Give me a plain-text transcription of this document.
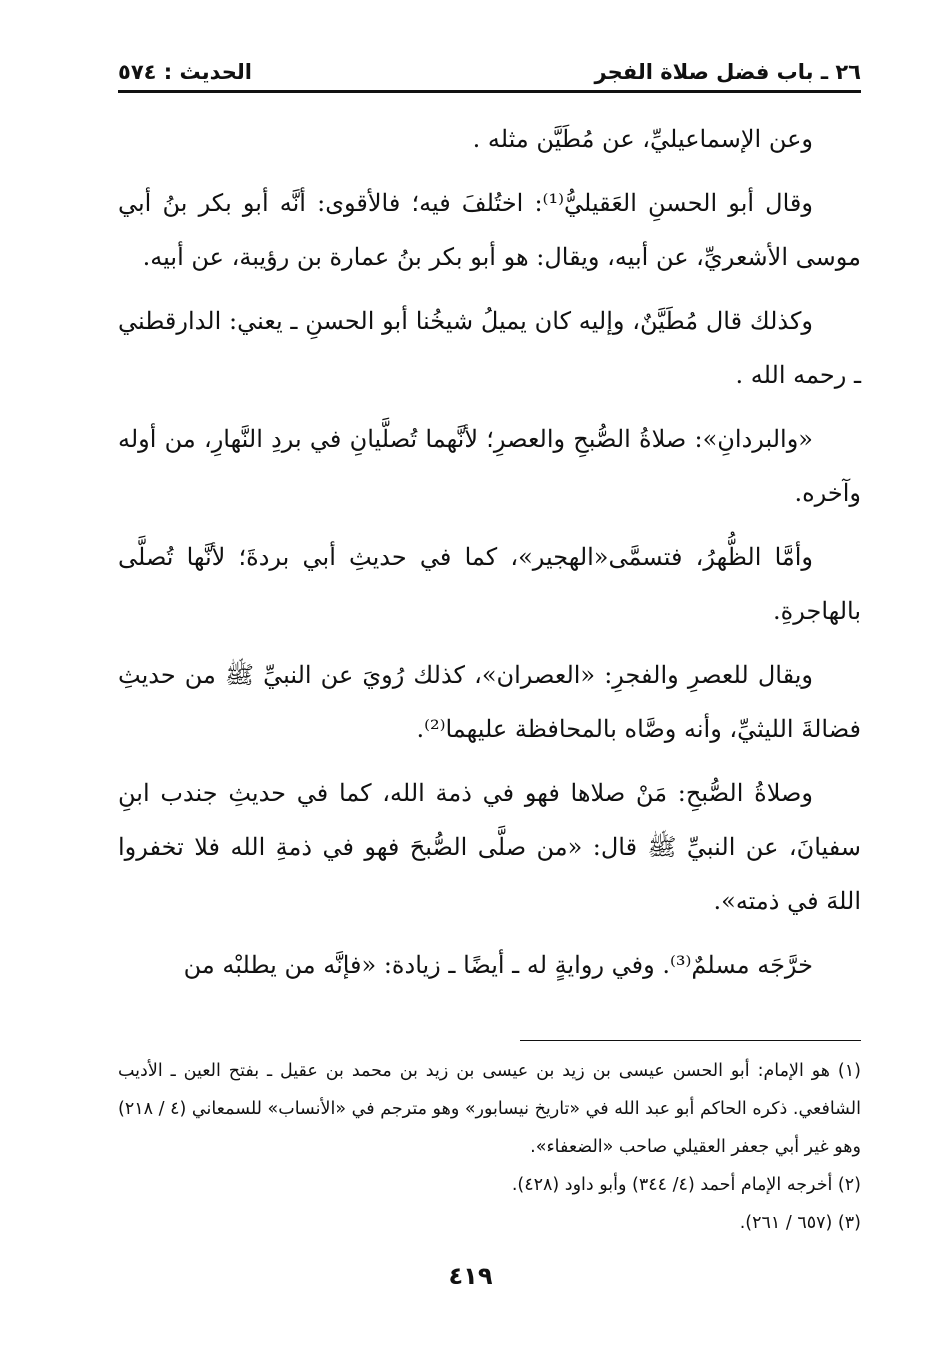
٢٦ ـ باب فضل صلاة الفجر
الحديث : ٥٧٤

وعن الإسماعيليِّ، عن مُطَيَّن مثله .

وقال أبو الحسنِ العَقيليُّ⁽¹⁾: اختُلفَ فيه؛ فالأقوى: أنَّه أبو بكر بنُ أبي موسى الأشعريِّ، عن أبيه، ويقال: هو أبو بكر بنُ عمارة بن رؤيبة، عن أبيه.

وكذلك قال مُطَيَّنٌ، وإليه كان يميلُ شيخُنا أبو الحسنِ ـ يعني: الدارقطني ـ رحمه الله .

«والبردانِ»: صلاةُ الصُّبحِ والعصرِ؛ لأنَّهما تُصلَّيانِ في بردِ النَّهارِ، من أوله وآخره.

وأمَّا الظُّهرُ، فتسمَّى«الهجير»، كما في حديثِ أبي بردةَ؛ لأنَّها تُصلَّى بالهاجرةِ.

ويقال للعصرِ والفجرِ: «العصران»، كذلك رُويَ عن النبيِّ ﷺ من حديثِ فضالةَ الليثيِّ، وأنه وصَّاه بالمحافظة عليهما⁽²⁾.

وصلاةُ الصُّبحِ: مَنْ صلاها فهو في ذمة الله، كما في حديثِ جندب ابنِ سفيانَ، عن النبيِّ ﷺ قال: «من صلَّى الصُّبحَ فهو في ذمةِ الله فلا تخفروا اللهَ في ذمته».

خرَّجَه مسلمٌ⁽³⁾. وفي روايةٍ له ـ أيضًا ـ زيادة: «فإنَّه من يطلبْه من

(١) هو الإمام: أبو الحسن عيسى بن زيد بن عيسى بن زيد بن محمد بن عقيل ـ بفتح العين ـ الأديب الشافعي. ذكره الحاكم أبو عبد الله في «تاريخ نيسابور» وهو مترجم في «الأنساب» للسمعاني (٤ / ٢١٨) وهو غير أبي جعفر العقيلي صاحب «الضعفاء».

(٢) أخرجه الإمام أحمد (٤/ ٣٤٤) وأبو داود (٤٢٨).

(٣) (٦٥٧ / ٢٦١).

٤١٩
